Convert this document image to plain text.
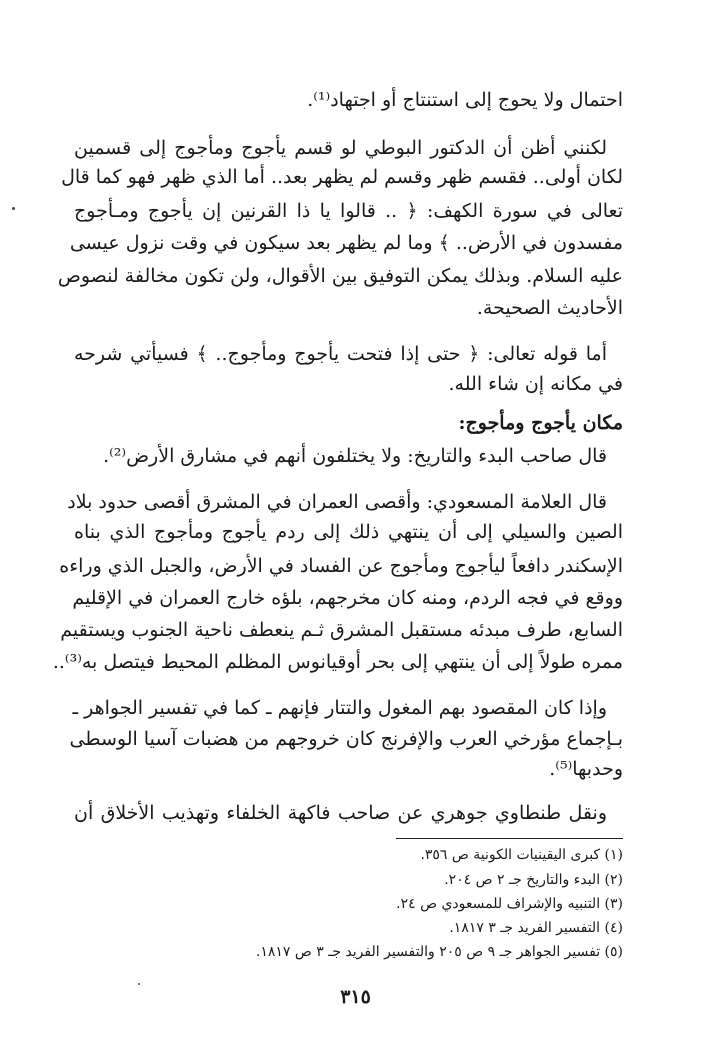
احتمال ولا يحوج إلى استنتاج أو اجتهاد⁽¹⁾.
لكنني أظن أن الدكتور البوطي لو قسم يأجوج ومأجوج إلى قسمين
لكان أولى.. فقسم ظهر وقسم لم يظهر بعد.. أما الذي ظهر فهو كما قال
تعالى في سورة الكهف: ﴿ .. قالوا يا ذا القرنين إن يأجوج ومـأجوج
مفسدون في الأرض.. ﴾ وما لم يظهر بعد سيكون في وقت نزول عيسى
عليه السلام. وبذلك يمكن التوفيق بين الأقوال، ولن تكون مخالفة لنصوص
الأحاديث الصحيحة.
أما قوله تعالى: ﴿ حتى إذا فتحت يأجوج ومأجوج.. ﴾ فسيأتي شرحه
في مكانه إن شاء الله.
مكان يأجوج ومأجوج:
قال صاحب البدء والتاريخ: ولا يختلفون أنهم في مشارق الأرض⁽²⁾.
قال العلامة المسعودي: وأقصى العمران في المشرق أقصى حدود بلاد
الصين والسيلي إلى أن ينتهي ذلك إلى ردم يأجوج ومأجوج الذي بناه
الإسكندر دافعاً ليأجوج ومأجوج عن الفساد في الأرض، والجبل الذي وراءه
ووقع في فجه الردم، ومنه كان مخرجهم، بلؤه خارج العمران في الإقليم
السابع، طرف مبدئه مستقبل المشرق ثـم ينعطف ناحية الجنوب ويستقيم
ممره طولاً إلى أن ينتهي إلى بحر أوقيانوس المظلم المحيط فيتصل به⁽³⁾..
وإذا كان المقصود بهم المغول والتتار فإنهم ـ كما في تفسير الجواهر ـ
بـإجماع مؤرخي العرب والإفرنج كان خروجهم من هضبات آسيا الوسطى
وحدبها⁽⁵⁾.
ونقل طنطاوي جوهري عن صاحب فاكهة الخلفاء وتهذيب الأخلاق أن
(١) كبرى اليقينيات الكونية ص ٣٥٦.
(٢) البدء والتاريخ جـ ٢ ص ٢٠٤.
(٣) التنبيه والإشراف للمسعودي ص ٢٤.
(٤) التفسير الفريد جـ ٣ ١٨١٧.
(٥) تفسير الجواهر جـ ٩ ص ٢٠٥ والتفسير الفريد جـ ٣ ص ١٨١٧.
٣١٥
